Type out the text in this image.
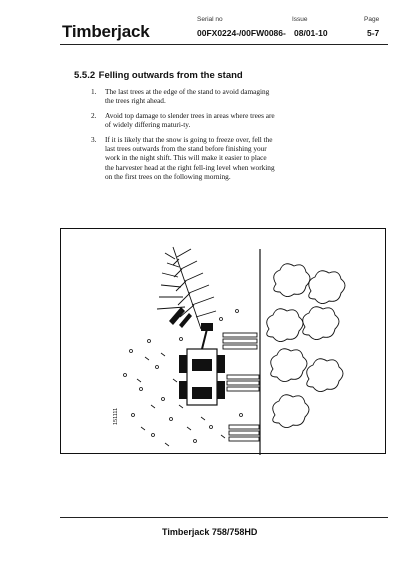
Timberjack
Serial no
00FX0224-/00FW0086-
Issue
08/01-10
Page
5-7
5.5.2 Felling outwards from the stand
1.	The last trees at the edge of the stand to avoid damaging the trees right ahead.
2.	Avoid top damage to slender trees in areas where trees are of widely differing maturi-ty.
3.	If it is likely that the snow is going to freeze over, fell the last trees outwards from the stand before finishing your work in the night shift. This will make it easier to place the harvester head at the right fell-ing level when working on the first trees on the following morning.
151111
Timberjack 758/758HD
